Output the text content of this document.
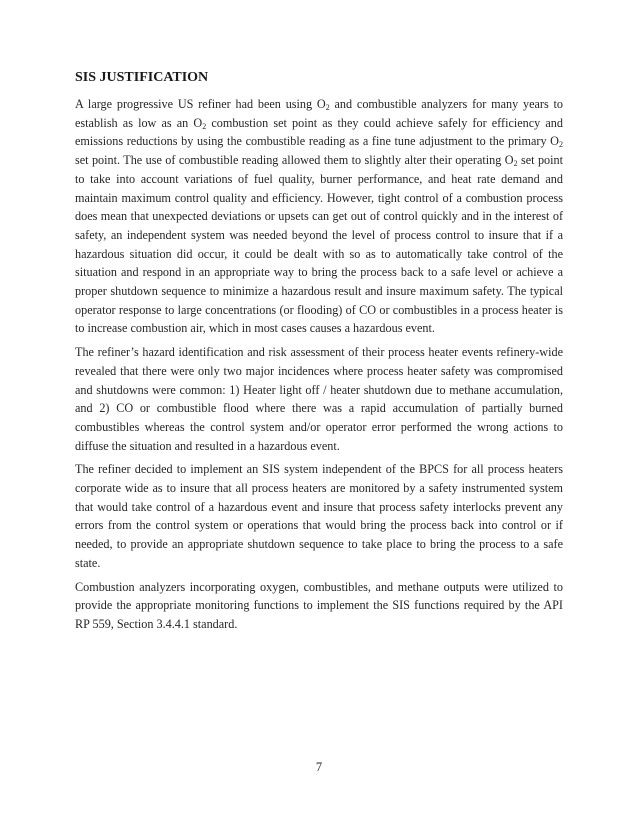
SIS JUSTIFICATION

A large progressive US refiner had been using $O_2$ and combustible analyzers for many years to establish as low as an $O_2$ combustion set point as they could achieve safely for efficiency and emissions reductions by using the combustible reading as a fine tune adjustment to the primary $O_2$ set point. The use of combustible reading allowed them to slightly alter their operating $O_2$ set point to take into account variations of fuel quality, burner performance, and heat rate demand and maintain maximum control quality and efficiency. However, tight control of a combustion process does mean that unexpected deviations or upsets can get out of control quickly and in the interest of safety, an independent system was needed beyond the level of process control to insure that if a hazardous situation did occur, it could be dealt with so as to automatically take control of the situation and respond in an appropriate way to bring the process back to a safe level or achieve a proper shutdown sequence to minimize a hazardous result and insure maximum safety. The typical operator response to large concentrations (or flooding) of CO or combustibles in a process heater is to increase combustion air, which in most cases causes a hazardous event.

The refiner’s hazard identification and risk assessment of their process heater events refinery-wide revealed that there were only two major incidences where process heater safety was compromised and shutdowns were common: 1) Heater light off / heater shutdown due to methane accumulation, and 2) CO or combustible flood where there was a rapid accumulation of partially burned combustibles whereas the control system and/or operator error performed the wrong actions to diffuse the situation and resulted in a hazardous event.

The refiner decided to implement an SIS system independent of the BPCS for all process heaters corporate wide as to insure that all process heaters are monitored by a safety instrumented system that would take control of a hazardous event and insure that process safety interlocks prevent any errors from the control system or operations that would bring the process back into control or if needed, to provide an appropriate shutdown sequence to take place to bring the process to a safe state.

Combustion analyzers incorporating oxygen, combustibles, and methane outputs were utilized to provide the appropriate monitoring functions to implement the SIS functions required by the API RP 559, Section 3.4.4.1 standard.

7
